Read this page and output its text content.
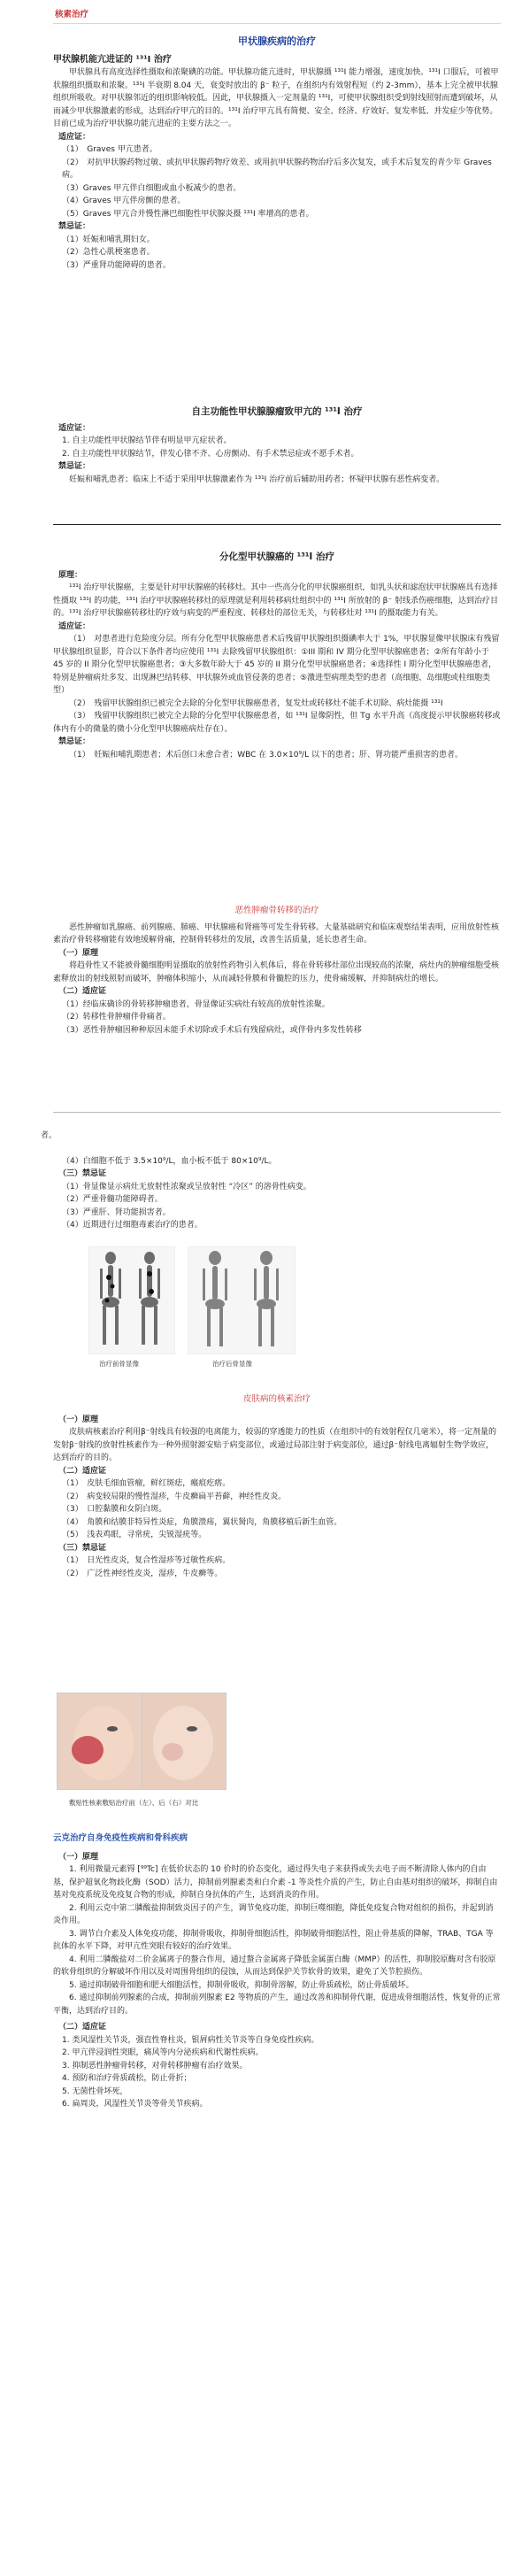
核素治疗
甲状腺疾病的治疗
甲状腺机能亢进证的 ¹³¹I 治疗

甲状腺具有高度选择性摄取和浓聚碘的功能。甲状腺功能亢进时，甲状腺摄 ¹³¹I 能力增强，速度加快。¹³¹I 口服后，可被甲状腺组织摄取和浓聚。¹³¹I 半衰期 8.04 天，衰变时放出的 β⁻ 粒子，在组织内有效射程短（约 2-3mm），基本上完全被甲状腺组织所吸收。对甲状腺邻近的组织影响较低。因此，甲状腺摄入一定剂量的 ¹³¹I，可使甲状腺组织受到射线照射而遭到破坏，从而减少甲状腺激素的形成，达到治疗甲亢的目的。¹³¹I 治疗甲亢具有简便、安全、经济、疗效好、复发率低、并发症少等优势。目前已成为治疗甲状腺功能亢进症的主要方法之一。

适应证：
（1）　Graves 甲亢患者。
（2）　对抗甲状腺药物过敏、或抗甲状腺药物疗效差、或用抗甲状腺药物治疗后多次复发，或手术后复发的青少年 Graves 病。
（3）Graves 甲亢伴白细胞或血小板减少的患者。
（4）Graves 甲亢伴房颤的患者。
（5）Graves 甲亢合并慢性淋巴细胞性甲状腺炎摄 ¹³¹I 率增高的患者。
禁忌证：
（1）妊娠和哺乳期妇女。
（2）急性心肌梗塞患者。
（3）严重肾功能障碍的患者。
自主功能性甲状腺腺瘤致甲亢的 ¹³¹I 治疗
适应证：
1. 自主功能性甲状腺结节伴有明显甲亢症状者。
2. 自主功能性甲状腺结节，伴发心律不齐、心房颤动、有手术禁忌症或不愿手术者。
禁忌证：

妊娠和哺乳患者；临床上不适于采用甲状腺激素作为 ¹³¹I 治疗前后辅助用药者；怀疑甲状腺有恶性病变者。

分化型甲状腺癌的 ¹³¹I 治疗
原理：

¹³¹I 治疗甲状腺癌，主要是针对甲状腺癌的转移灶。其中一些高分化的甲状腺癌组织，如乳头状和滤泡状甲状腺癌具有选择性摄取 ¹³¹I 的功能，¹³¹I 治疗甲状腺癌转移灶的原理就是利用转移病灶组织中的 ¹³¹I 所放射的 β⁻ 射线杀伤癌细胞，达到治疗目的。¹³¹I 治疗甲状腺癌转移灶的疗效与病变的严重程度、转移灶的部位无关，与转移灶对 ¹³¹I 的摄取能力有关。

适应证：

（1）　对患者进行危险度分层。所有分化型甲状腺癌患者术后残留甲状腺组织摄碘率大于 1%，甲状腺显像甲状腺床有残留甲状腺组织显影，符合以下条件者均应使用 ¹³¹I 去除残留甲状腺组织：①III 期和 IV 期分化型甲状腺癌患者；②所有年龄小于 45 岁的 II 期分化型甲状腺癌患者；③大多数年龄大于 45 岁的 II 期分化型甲状腺癌患者；④选择性 I 期分化型甲状腺癌患者，特别是肿瘤病灶多发、出现淋巴结转移、甲状腺外或血管侵袭的患者；⑤激进型病理类型的患者（高细胞、岛细胞或柱细胞类型）

（2）　残留甲状腺组织已被完全去除的分化型甲状腺癌患者，复发灶或转移灶不能手术切除、病灶能摄 ¹³¹I

（3）　残留甲状腺组织已被完全去除的分化型甲状腺癌患者，如 ¹³¹I 显像阴性，但 Tg 水平升高（高度提示甲状腺癌转移或体内有小的微量的微小分化型甲状腺癌病灶存在）。

禁忌证：

（1）　妊娠和哺乳期患者；术后创口未愈合者；WBC 在 3.0×10⁹/L 以下的患者；肝、肾功能严重损害的患者。

恶性肿瘤骨转移的治疗

恶性肿瘤如乳腺癌、前列腺癌、肺癌、甲状腺癌和肾癌等可发生骨转移。大量基础研究和临床观察结果表明，应用放射性核素治疗骨转移瘤能有效地缓解骨痛，控制骨转移灶的发展，改善生活质量，延长患者生命。

（一）原理

将趋骨性又不能被骨髓细胞明显摄取的放射性药物引入机体后，将在骨转移灶部位出现较高的浓聚，病灶内的肿瘤细胞受核素释放出的射线照射而破坏，肿瘤体积缩小，从而减轻骨膜和骨髓腔的压力，使骨痛缓解，并抑制病灶的增长。

（二）适应证
（1）经临床确诊的骨转移肿瘤患者，骨显像证实病灶有较高的放射性浓聚。
（2）转移性骨肿瘤伴骨痛者。
（3）恶性骨肿瘤因种种原因未能手术切除或手术后有残留病灶，或伴骨内多发性转移
者。
（4）白细胞不低于 3.5×10⁹/L，血小板不低于 80×10⁹/L。
（三）禁忌证
（1）骨显像显示病灶无放射性浓聚或呈放射性 “冷区” 的溶骨性病变。
（2）严重骨髓功能障碍者。
（3）严重肝、肾功能损害者。
（4）近期进行过细胞毒素治疗的患者。
治疗前骨显像	治疗后骨显像
皮肤病的核素治疗
（一）原理

皮肤病核素治疗利用β⁻射线具有较强的电离能力，较弱的穿透能力的性质（在组织中的有效射程仅几毫米），将一定剂量的发射β⁻射线的放射性核素作为一种外照射源安贴于病变部位，或通过局部注射于病变部位，通过β⁻射线电离辐射生物学效应，达到治疗的目的。

（二）适应证
（1）　皮肤毛细血管瘤，鲜红斑痣，瘢痕疙瘩。
（2）　病变较局限的慢性湿疹，牛皮癣扁平苔藓，神经性皮炎。
（3）　口腔黏膜和女阴白斑。
（4）　角膜和结膜非特异性炎症，角膜溃疡，翼状胬肉，角膜移植后新生血管。
（5）　浅表鸡眼，寻常疣，尖锐湿疣等。
（三）禁忌证
（1）　日光性皮炎，复合性湿疹等过敏性疾病。
（2）　广泛性神经性皮炎，湿疹，牛皮癣等。
敷贴性核素敷贴治疗前（左）、后（右）对比
云克治疗自身免疫性疾病和骨科疾病
（一）原理

1. 利用微量元素锝 [⁹⁹Tc] 在低价状态的 10 价时的价态变化，通过得失电子来获得或失去电子而不断清除人体内的自由基，保护超氧化物歧化酶（SOD）活力，抑制前列腺素类和白介素 -1 等炎性介质的产生，防止自由基对组织的破坏，抑制自由基对免疫系统及免疫复合物的形成，抑制自身抗体的产生，达到消炎的作用。

2. 利用云克中第二膦酸盐抑制致炎因子的产生，调节免疫功能，抑制巨噬细胞，降低免疫复合物对组织的损伤，并起到消炎作用。

3. 调节白介素及人体免疫功能，抑制骨吸收，抑制骨细胞活性，抑制破骨细胞活性，阻止骨基质的降解，TRAB、TGA 等抗体的水平下降，对甲亢性突眼有较好的治疗效果。

4. 利用二膦酸盐对二价金属离子的螯合作用，通过螯合金属离子降低金属蛋白酶（MMP）的活性，抑制胶原酶对含有胶原的软骨组织的分解破坏作用以及对周围骨组织的侵蚀，从而达到保护关节软骨的效果，避免了关节腔损伤。

5. 通过抑制破骨细胞和肥大细胞活性，抑制骨吸收，抑制骨溶解，防止骨质疏松，防止骨质破坏。

6. 通过抑制前列腺素的合成，抑制前列腺素 E2 等物质的产生，通过改善和抑制骨代谢，促进成骨细胞活性，恢复骨的正常平衡，达到治疗目的。

（二）适应证
1. 类风湿性关节炎，强直性脊柱炎，银屑病性关节炎等自身免疫性疾病。
2. 甲亢伴浸润性突眼，痛风等内分泌疾病和代谢性疾病。
3. 抑制恶性肿瘤骨转移，对骨转移肿瘤有治疗效果。
4. 预防和治疗骨质疏松，防止骨折；
5. 无菌性骨坏死，
6. 扁周炎，风湿性关节炎等骨关节疾病。
